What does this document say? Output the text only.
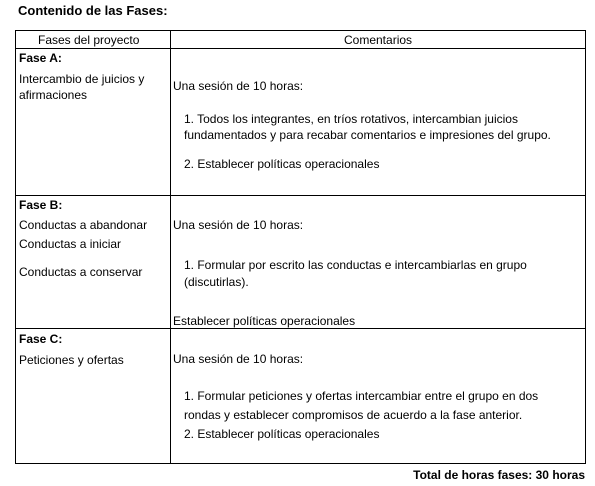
Contenido de las Fases:
Fases del proyecto	Comentarios
Fase A:
Intercambio de juicios y
afirmaciones
Una sesión de 10 horas:
1. Todos los integrantes, en tríos rotativos, intercambian juicios
fundamentados y para recabar comentarios e impresiones del grupo.
2. Establecer políticas operacionales
Fase B:
Conductas a abandonar
Conductas a iniciar
Conductas a conservar
Una sesión de 10 horas:
1. Formular por escrito las conductas e intercambiarlas en grupo
(discutirlas).
Establecer políticas operacionales
Fase C:
Peticiones y ofertas	Una sesión de 10 horas:
1. Formular peticiones y ofertas intercambiar entre el grupo en dos
rondas y establecer compromisos de acuerdo a la fase anterior.
2. Establecer políticas operacionales
Total de horas fases: 30 horas
